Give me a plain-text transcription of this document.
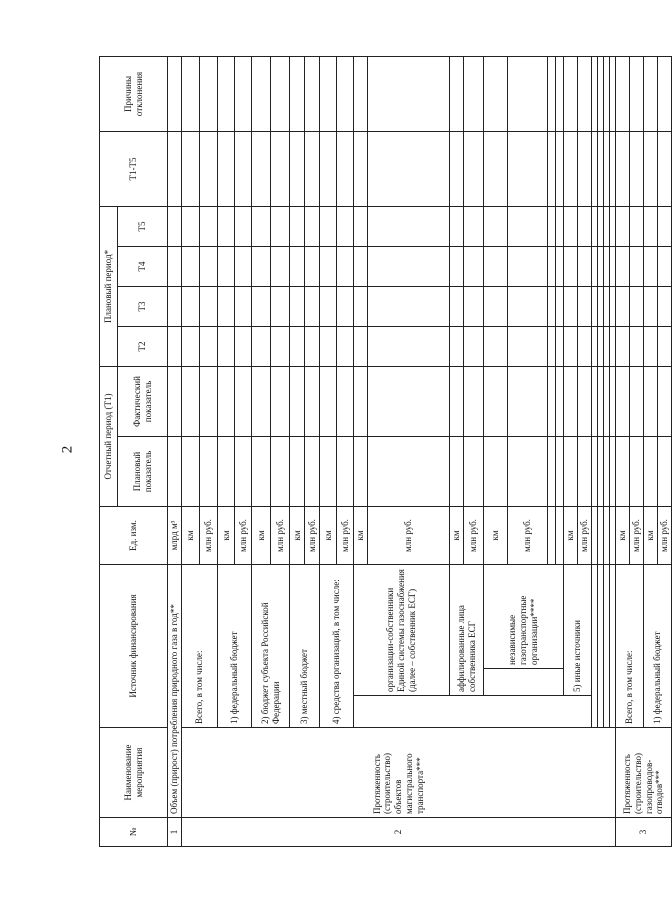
2
№	Наименование мероприятия	Источник финансирования			Ед. изм.	Отчетный период (Т1)		Плановый период*				Т1-Т5	Причины отклонения
						Плановый показатель	Фактический показатель	Т2	Т3	Т4	Т5		
1	Объем (прирост) потребления природного газа в год**				млрд м³								
2	Протяженность (строительство) объектов магистрального транспорта***	Всего, в том числе:			км								
					млн руб.								
		1) федеральный бюджет			км								
					млн руб.								
		2) бюджет субъекта Российской Федерации			км								
					млн руб.								
		3) местный бюджет			км								
					млн руб.								
		4) средства организаций, в том числе:			км								
					млн руб.								
			организации-собственники Единой системы газоснабжения (далее – собственник ЕСГ)		км								
					млн руб.								
			аффилированные лица собственника ЕСГ		км								
					млн руб.								
				независимые газотранспортные организации****	км								
					млн руб.								

			5) иные источники		км								
					млн руб.								

3	Протяженность (строительство) газопроводов-отводов***	Всего, в том числе:			км								
					млн руб.								
		1) федеральный бюджет			км								
					млн руб.								
